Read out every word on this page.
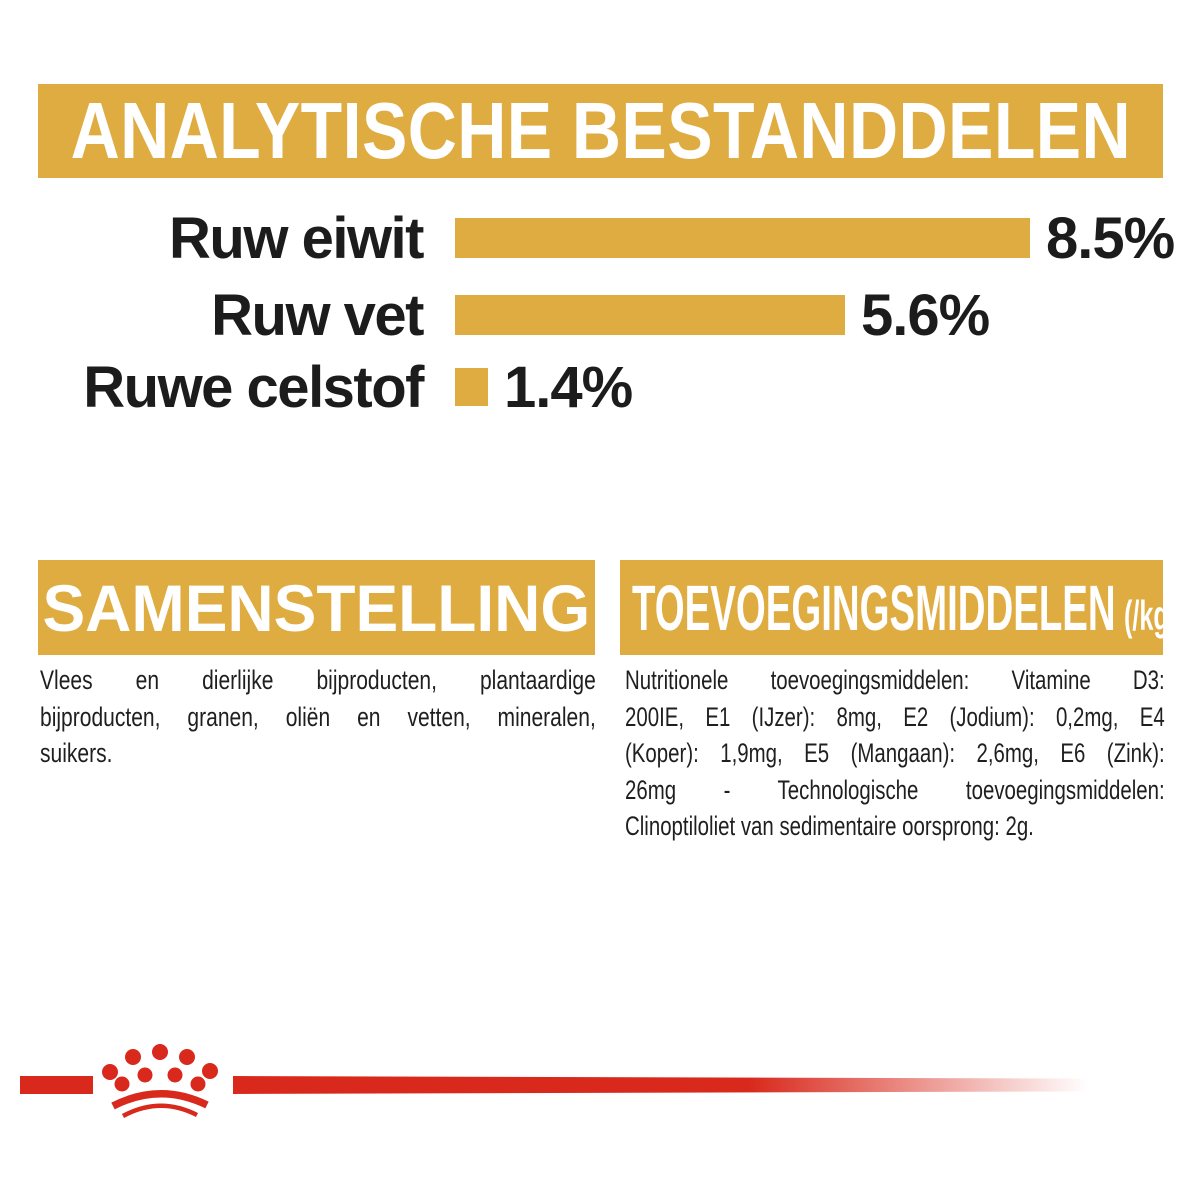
ANALYTISCHE BESTANDDELEN
Ruw eiwit	8.5%
Ruw vet	5.6%
Ruwe celstof 1.4%
SAMENSTELLING
Vlees en dierlijke bijproducten, plantaardige
bijproducten, granen, oliën en vetten, mineralen,
suikers.
TOEVOEGINGSMIDDELEN (/kg)
Nutritionele toevoegingsmiddelen: Vitamine D3:
200IE, E1 (IJzer): 8mg, E2 (Jodium): 0,2mg, E4
(Koper): 1,9mg, E5 (Mangaan): 2,6mg, E6 (Zink):
26mg - Technologische toevoegingsmiddelen:
Clinoptiloliet van sedimentaire oorsprong: 2g.
